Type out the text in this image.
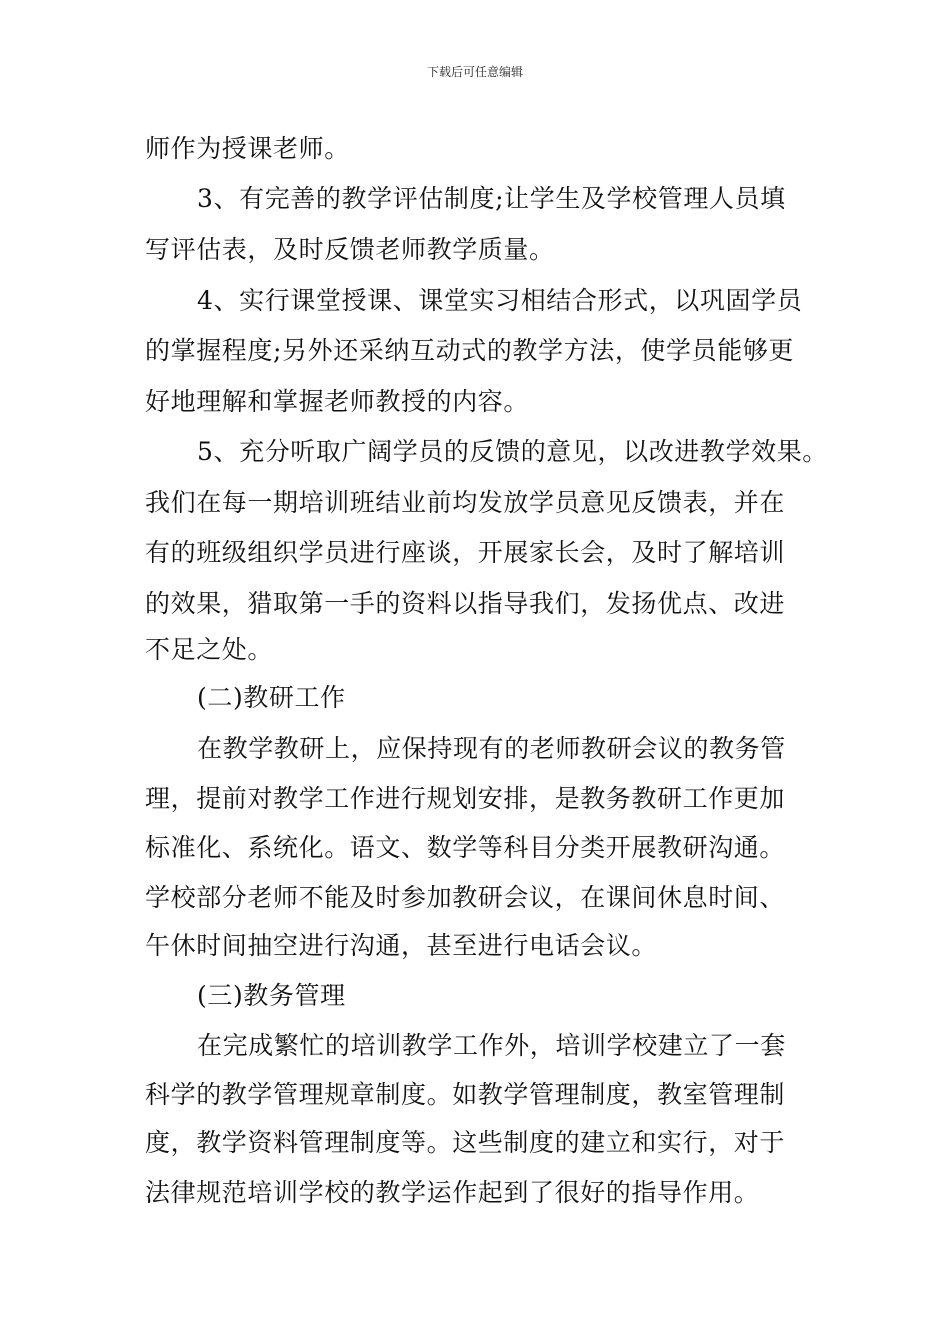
下载后可任意编辑
师作为授课老师。
3、有完善的教学评估制度;让学生及学校管理人员填
写评估表，及时反馈老师教学质量。
4、实行课堂授课、课堂实习相结合形式，以巩固学员
的掌握程度;另外还采纳互动式的教学方法，使学员能够更
好地理解和掌握老师教授的内容。
5、充分听取广阔学员的反馈的意见，以改进教学效果。
我们在每一期培训班结业前均发放学员意见反馈表，并在
有的班级组织学员进行座谈，开展家长会，及时了解培训
的效果，猎取第一手的资料以指导我们，发扬优点、改进
不足之处。
(二)教研工作
在教学教研上，应保持现有的老师教研会议的教务管
理，提前对教学工作进行规划安排，是教务教研工作更加
标准化、系统化。语文、数学等科目分类开展教研沟通。
学校部分老师不能及时参加教研会议，在课间休息时间、
午休时间抽空进行沟通，甚至进行电话会议。
(三)教务管理
在完成繁忙的培训教学工作外，培训学校建立了一套
科学的教学管理规章制度。如教学管理制度，教室管理制
度，教学资料管理制度等。这些制度的建立和实行，对于
法律规范培训学校的教学运作起到了很好的指导作用。
